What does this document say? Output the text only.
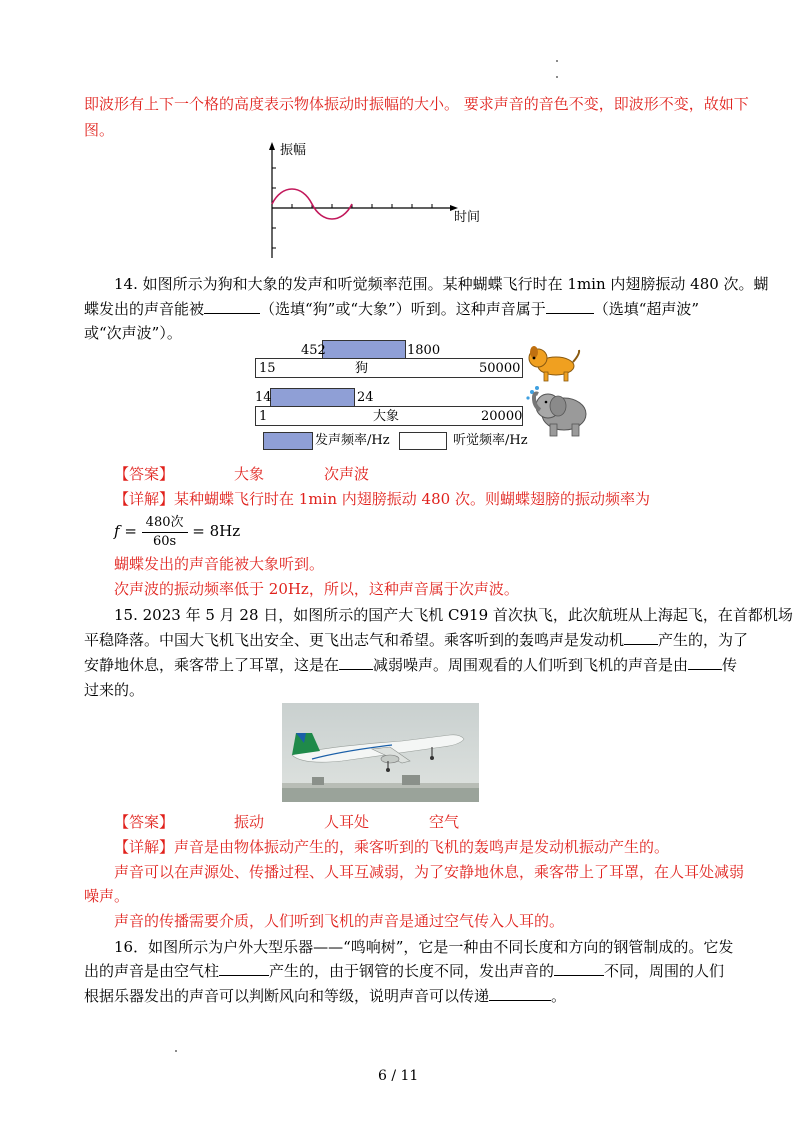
即波形有上下一个格的高度表示物体振动时振幅的大小。 要求声音的音色不变，即波形不变，故如下
图。
振幅
时间
14. 如图所示为狗和大象的发声和听觉频率范围。某种蝴蝶飞行时在 1min 内翅膀振动 480 次。蝴
蝶发出的声音能被	（选填“狗”或“大象”）听到。这种声音属于	（选填“超声波”
或“次声波”）。
452	1800
15	狗	50000
14	24
1	大象	20000
发声频率/Hz	听觉频率/Hz
【答案】	大象	次声波
【详解】某种蝴蝶飞行时在 1min 内翅膀振动 480 次。则蝴蝶翅膀的振动频率为
$f = \frac{\text{480次}}{60s} = 8Hz$
蝴蝶发出的声音能被大象听到。
次声波的振动频率低于 20Hz，所以，这种声音属于次声波。
15. 2023 年 5 月 28 日，如图所示的国产大飞机 C919 首次执飞，此次航班从上海起飞，在首都机场
平稳降落。中国大飞机飞出安全、更飞出志气和希望。乘客听到的轰鸣声是发动机 产生的，为了
安静地休息，乘客带上了耳罩，这是在 减弱噪声。周围观看的人们听到飞机的声音是由 传
过来的。
【答案】	振动	人耳处	空气
【详解】声音是由物体振动产生的，乘客听到的飞机的轰鸣声是发动机振动产生的。
声音可以在声源处、传播过程、人耳互减弱，为了安静地休息，乘客带上了耳罩，在人耳处减弱
噪声。
声音的传播需要介质，人们听到飞机的声音是通过空气传入人耳的。
16．如图所示为户外大型乐器——“鸣响树”，它是一种由不同长度和方向的钢管制成的。它发
出的声音是由空气柱	产生的，由于钢管的长度不同，发出声音的	不同，周围的人们
根据乐器发出的声音可以判断风向和等级，说明声音可以传递	。
6 / 11
